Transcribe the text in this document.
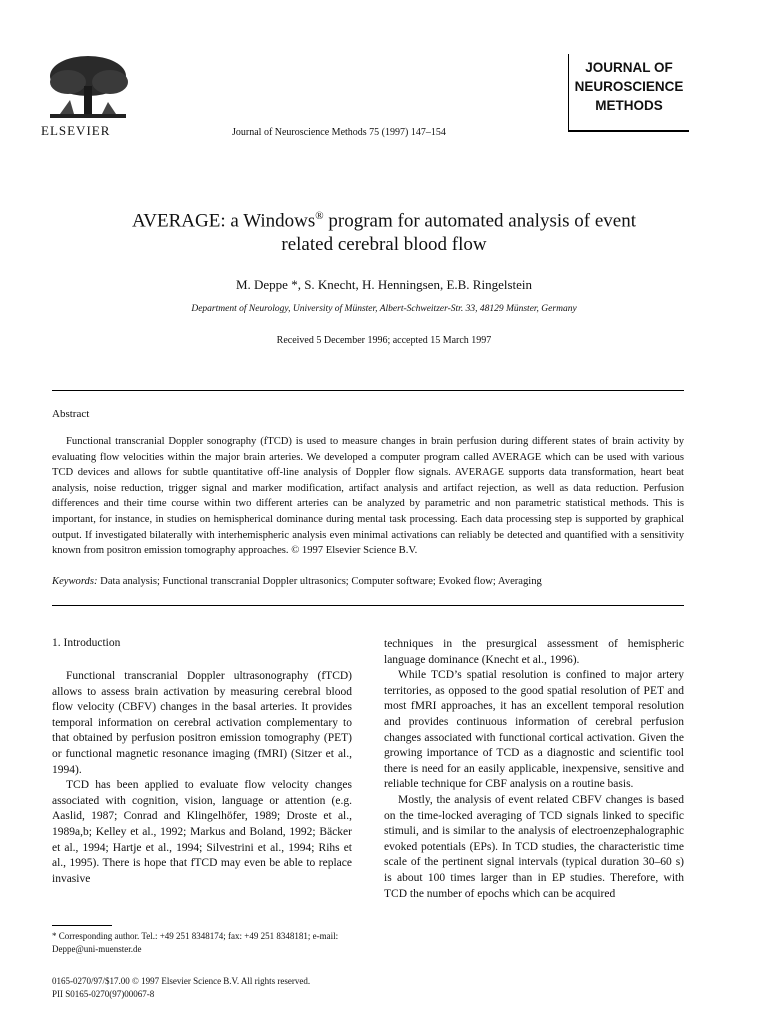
ELSEVIER	Journal of Neuroscience Methods 75 (1997) 147–154
JOURNAL OF
NEUROSCIENCE
METHODS
AVERAGE: a Windows® program for automated analysis of event
related cerebral blood flow
M. Deppe *, S. Knecht, H. Henningsen, E.B. Ringelstein
Department of Neurology, University of Münster, Albert-Schweitzer-Str. 33, 48129 Münster, Germany
Received 5 December 1996; accepted 15 March 1997
Abstract
Functional transcranial Doppler sonography (fTCD) is used to measure changes in brain perfusion during different states of brain activity by evaluating flow velocities within the major brain arteries. We developed a computer program called AVERAGE which can be used with various TCD devices and allows for subtle quantitative off-line analysis of Doppler flow signals. AVERAGE supports data transformation, heart beat analysis, noise reduction, trigger signal and marker modification, artifact analysis and artifact rejection, as well as data reduction. Perfusion differences and their time course within two different arteries can be analyzed by parametric and non parametric statistical methods. This is important, for instance, in studies on hemispherical dominance during mental task processing. Each data processing step is supported by graphical output. If investigated bilaterally with interhemispheric analysis even minimal activations can reliably be detected and quantified with a sensitivity known from positron emission tomography approaches. © 1997 Elsevier Science B.V.
Keywords: Data analysis; Functional transcranial Doppler ultrasonics; Computer software; Evoked flow; Averaging
1. Introduction

Functional transcranial Doppler ultrasonography (fTCD) allows to assess brain activation by measuring cerebral blood flow velocity (CBFV) changes in the basal arteries. It provides temporal information on cerebral activation complementary to that obtained by perfusion positron emission tomography (PET) or functional magnetic resonance imaging (fMRI) (Sitzer et al., 1994).

TCD has been applied to evaluate flow velocity changes associated with cognition, vision, language or attention (e.g. Aaslid, 1987; Conrad and Klingelhöfer, 1989; Droste et al., 1989a,b; Kelley et al., 1992; Markus and Boland, 1992; Bäcker et al., 1994; Hartje et al., 1994; Silvestrini et al., 1994; Rihs et al., 1995). There is hope that fTCD may even be able to replace invasive

techniques in the presurgical assessment of hemispheric language dominance (Knecht et al., 1996).

While TCD’s spatial resolution is confined to major artery territories, as opposed to the good spatial resolution of PET and most fMRI approaches, it has an excellent temporal resolution and provides continuous information of cerebral perfusion changes associated with functional cortical activation. Given the growing importance of TCD as a diagnostic and scientific tool there is need for an easily applicable, inexpensive, sensitive and reliable technique for CBF analysis on a routine basis.

Mostly, the analysis of event related CBFV changes is based on the time-locked averaging of TCD signals linked to specific stimuli, and is similar to the analysis of electroenzephalographic evoked potentials (EPs). In TCD studies, the characteristic time scale of the pertinent signal intervals (typical duration 30–60 s) is about 100 times larger than in EP studies. Therefore, with TCD the number of epochs which can be acquired

* Corresponding author. Tel.: +49 251 8348174; fax: +49 251 8348181; e-mail: Deppe@uni-muenster.de
0165-0270/97/$17.00 © 1997 Elsevier Science B.V. All rights reserved.
PII S0165-0270(97)00067-8
